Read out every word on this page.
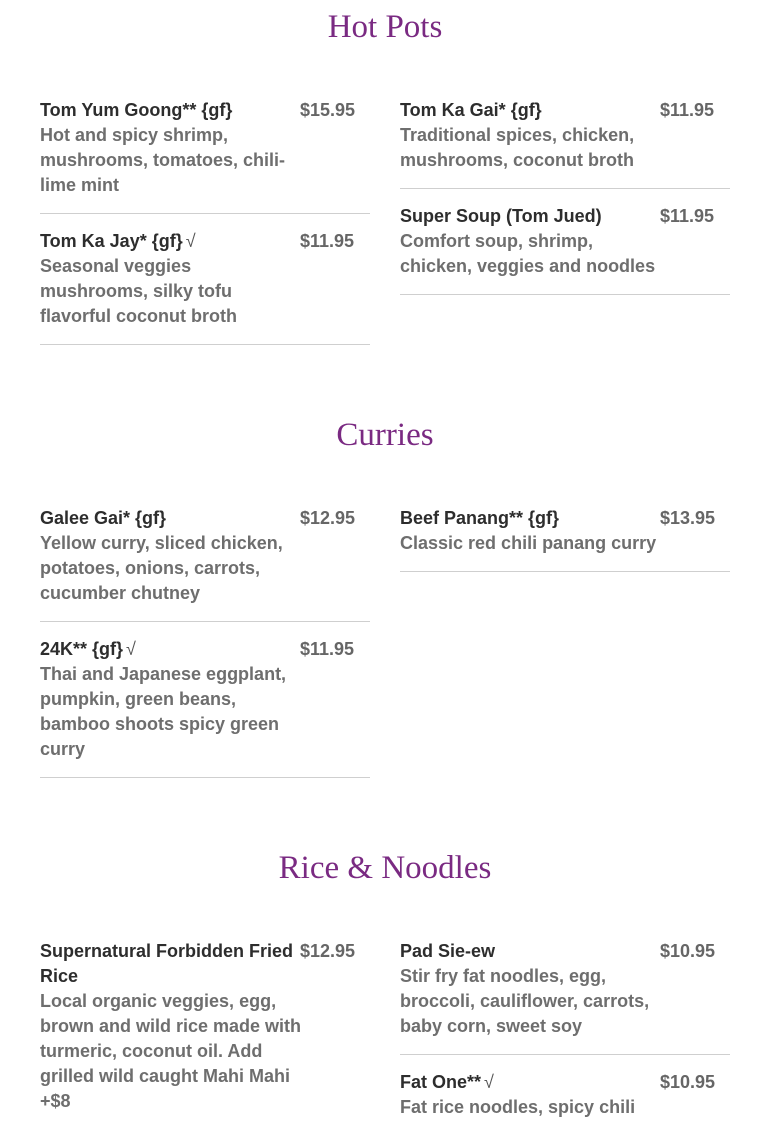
Hot Pots
Tom Yum Goong** {gf}	$15.95

Hot and spicy shrimp, mushrooms, tomatoes, chili-lime mint

Tom Ka Gai* {gf}	$11.95

Traditional spices, chicken, mushrooms, coconut broth

Tom Ka Jay* {gf} √	$11.95

Seasonal veggies mushrooms, silky tofu flavorful coconut broth

Super Soup (Tom Jued)	$11.95

Comfort soup, shrimp, chicken, veggies and noodles

Curries
Galee Gai* {gf}	$12.95

Yellow curry, sliced chicken, potatoes, onions, carrots, cucumber chutney

Beef Panang** {gf}	$13.95

Classic red chili panang curry

24K** {gf} √	$11.95

Thai and Japanese eggplant, pumpkin, green beans, bamboo shoots spicy green curry

Rice & Noodles
Supernatural Forbidden Fried Rice
$12.95

Local organic veggies, egg, brown and wild rice made with turmeric, coconut oil. Add grilled wild caught Mahi Mahi +$8

Pad Sie-ew	$10.95

Stir fry fat noodles, egg, broccoli, cauliflower, carrots, baby corn, sweet soy

Fat One** √	$10.95

Fat rice noodles, spicy chili
